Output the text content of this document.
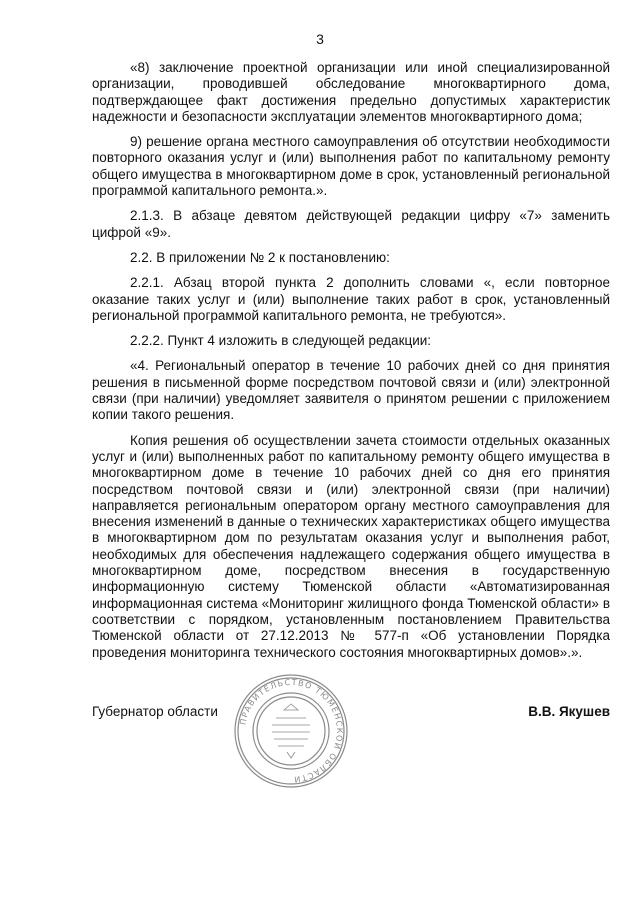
3

«8) заключение проектной организации или иной специализированной организации, проводившей обследование многоквартирного дома, подтверждающее факт достижения предельно допустимых характеристик надежности и безопасности эксплуатации элементов многоквартирного дома;

9) решение органа местного самоуправления об отсутствии необходимости повторного оказания услуг и (или) выполнения работ по капитальному ремонту общего имущества в многоквартирном доме в срок, установленный региональной программой капитального ремонта.».

2.1.3. В абзаце девятом действующей редакции цифру «7» заменить цифрой «9».

2.2. В приложении № 2 к постановлению:

2.2.1. Абзац второй пункта 2 дополнить словами «, если повторное оказание таких услуг и (или) выполнение таких работ в срок, установленный региональной программой капитального ремонта, не требуются».

2.2.2. Пункт 4 изложить в следующей редакции:

«4. Региональный оператор в течение 10 рабочих дней со дня принятия решения в письменной форме посредством почтовой связи и (или) электронной связи (при наличии) уведомляет заявителя о принятом решении с приложением копии такого решения.

Копия решения об осуществлении зачета стоимости отдельных оказанных услуг и (или) выполненных работ по капитальному ремонту общего имущества в многоквартирном доме в течение 10 рабочих дней со дня его принятия посредством почтовой связи и (или) электронной связи (при наличии) направляется региональным оператором органу местного самоуправления для внесения изменений в данные о технических характеристиках общего имущества в многоквартирном дом по результатам оказания услуг и выполнения работ, необходимых для обеспечения надлежащего содержания общего имущества в многоквартирном доме, посредством внесения в государственную информационную систему Тюменской области «Автоматизированная информационная система «Мониторинг жилищного фонда Тюменской области» в соответствии с порядком, установленным постановлением Правительства Тюменской области от 27.12.2013 № 577-п «Об установлении Порядка проведения мониторинга технического состояния многоквартирных домов».».

Губернатор области	В.В. Якушев
ПРАВИТЕЛЬСТВО ТЮМЕНСКОЙ ОБЛАСТИ
